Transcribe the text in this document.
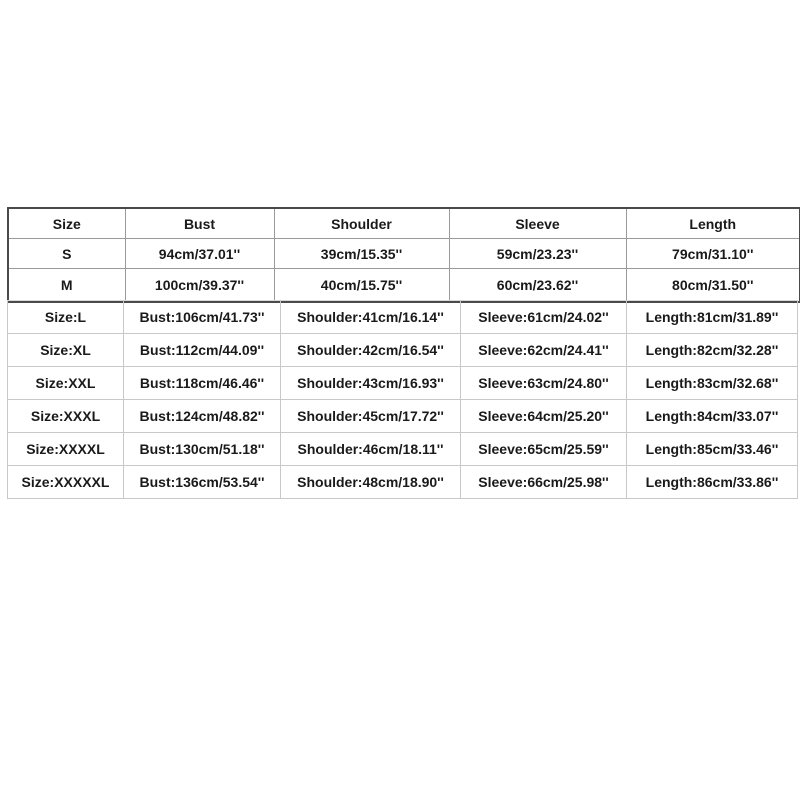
Size	Bust	Shoulder	Sleeve	Length
S	94cm/37.01''	39cm/15.35''	59cm/23.23''	79cm/31.10''
M	100cm/39.37''	40cm/15.75''	60cm/23.62''	80cm/31.50''
Size:L	Bust:106cm/41.73''	Shoulder:41cm/16.14''	Sleeve:61cm/24.02''	Length:81cm/31.89''
Size:XL	Bust:112cm/44.09''	Shoulder:42cm/16.54''	Sleeve:62cm/24.41''	Length:82cm/32.28''
Size:XXL	Bust:118cm/46.46''	Shoulder:43cm/16.93''	Sleeve:63cm/24.80''	Length:83cm/32.68''
Size:XXXL	Bust:124cm/48.82''	Shoulder:45cm/17.72''	Sleeve:64cm/25.20''	Length:84cm/33.07''
Size:XXXXL	Bust:130cm/51.18''	Shoulder:46cm/18.11''	Sleeve:65cm/25.59''	Length:85cm/33.46''
Size:XXXXXL	Bust:136cm/53.54''	Shoulder:48cm/18.90''	Sleeve:66cm/25.98''	Length:86cm/33.86''
